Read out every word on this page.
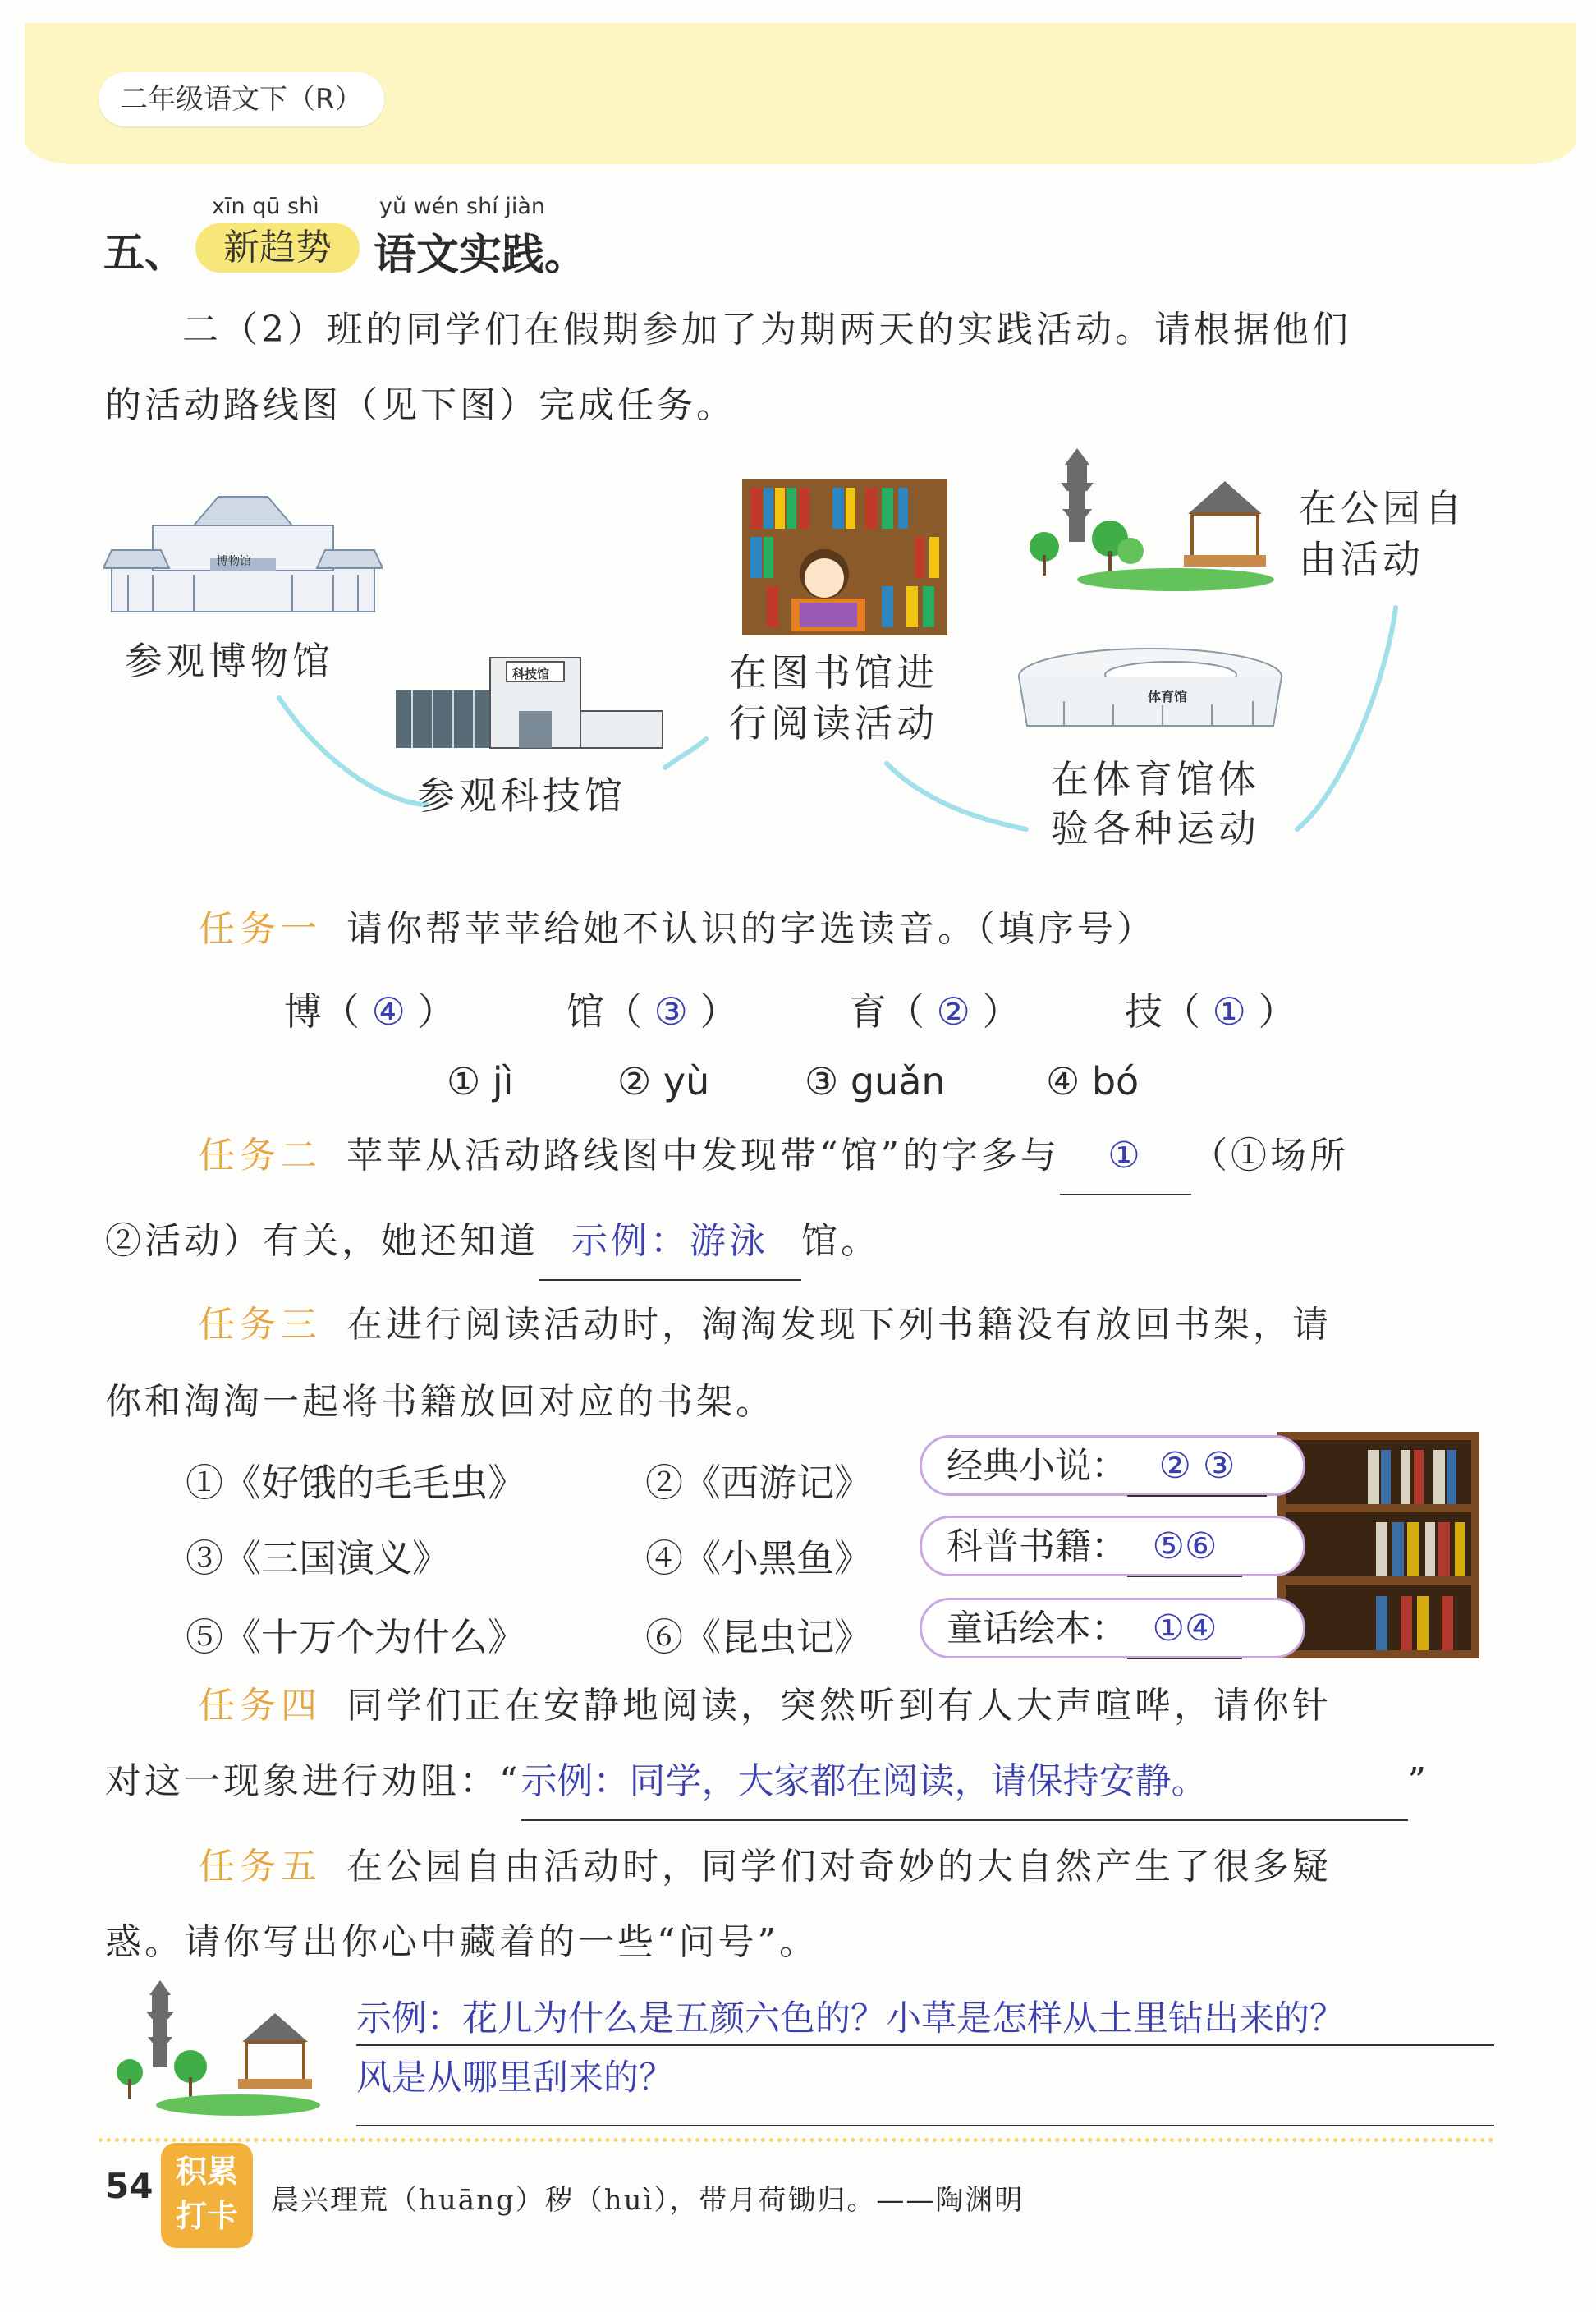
二年级语文下（R）
五、
xīn qū shì
新趋势
yǔ wén shí jiàn
语文实践。
二（2）班的同学们在假期参加了为期两天的实践活动。请根据他们
的活动路线图（见下图）完成任务。
博物馆
参观博物馆	科技馆
参观科技馆
在图书馆进
行阅读活动
体育馆
在体育馆体
验各种运动
在公园自
由活动
任务一 请你帮苹苹给她不认识的字选读音。（填序号）
博（ ④ ）	馆（ ③ ）	育（ ② ）	技（ ① ）
① jì	② yù	③ guǎn	④ bó
任务二 苹苹从活动路线图中发现带“馆”的字多与 ① （①场所
②活动）有关，她还知道 示例：游泳 馆。
任务三 在进行阅读活动时，淘淘发现下列书籍没有放回书架，请
你和淘淘一起将书籍放回对应的书架。
①《好饿的毛毛虫》	②《西游记》
③《三国演义》	④《小黑鱼》
⑤《十万个为什么》	⑥《昆虫记》
经典小说： ② ③
科普书籍： ⑤⑥
童话绘本： ①④
任务四 同学们正在安静地阅读，突然听到有人大声喧哗，请你针
对这一现象进行劝阻：“示例：同学，大家都在阅读，请保持安静。	”
任务五 在公园自由活动时，同学们对奇妙的大自然产生了很多疑
惑。请你写出你心中藏着的一些“问号”。
示例：花儿为什么是五颜六色的？小草是怎样从土里钻出来的？
风是从哪里刮来的？
54 积累
打卡	晨兴理荒（huāng）秽（huì），带月荷锄归。——陶渊明
